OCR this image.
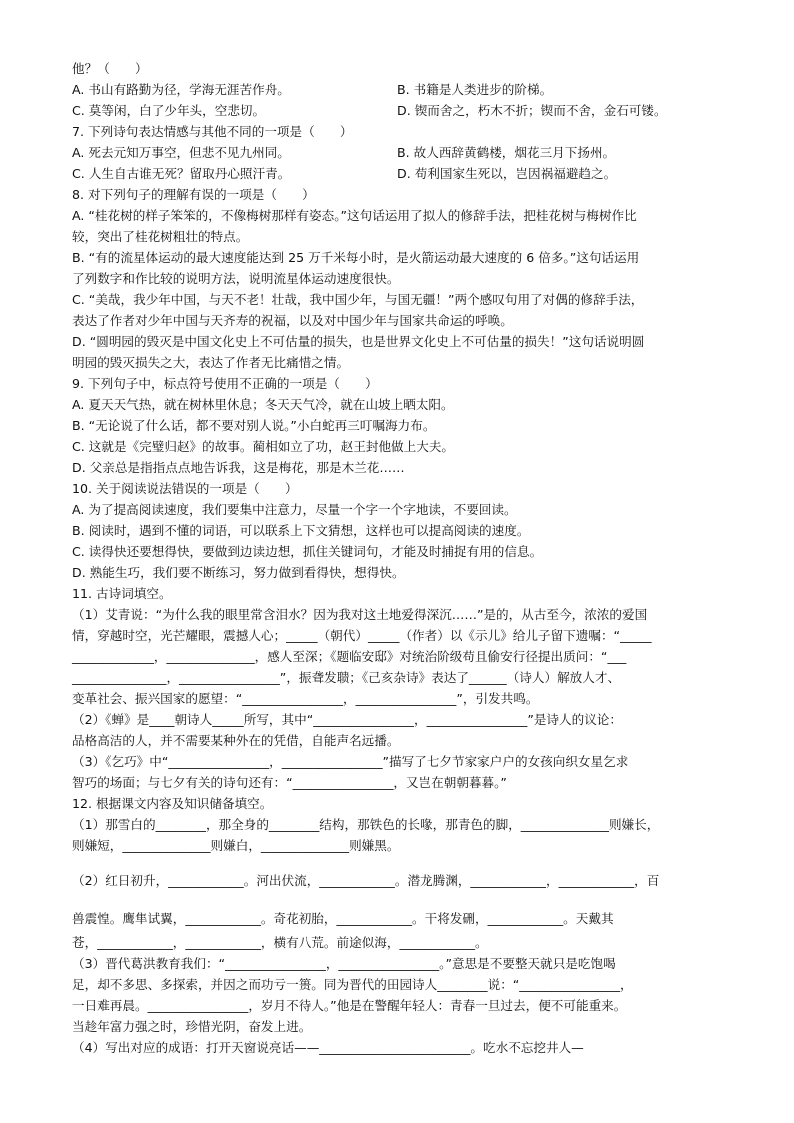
他？（　　）
A. 书山有路勤为径，学海无涯苦作舟。	B. 书籍是人类进步的阶梯。
C. 莫等闲，白了少年头，空悲切。	D. 锲而舍之，朽木不折；锲而不舍，金石可镂。
7. 下列诗句表达情感与其他不同的一项是（　　）
A. 死去元知万事空，但悲不见九州同。	B. 故人西辞黄鹤楼，烟花三月下扬州。
C. 人生自古谁无死？留取丹心照汗青。	D. 苟利国家生死以，岂因祸福避趋之。
8. 对下列句子的理解有误的一项是（　　）
A. “桂花树的样子笨笨的，不像梅树那样有姿态。”这句话运用了拟人的修辞手法，把桂花树与梅树作比
较，突出了桂花树粗壮的特点。
B. “有的流星体运动的最大速度能达到 25 万千米每小时，是火箭运动最大速度的 6 倍多。”这句话运用
了列数字和作比较的说明方法，说明流星体运动速度很快。
C. “美哉，我少年中国，与天不老！壮哉，我中国少年，与国无疆！”两个感叹句用了对偶的修辞手法，
表达了作者对少年中国与天齐寿的祝福，以及对中国少年与国家共命运的呼唤。
D. “圆明园的毁灭是中国文化史上不可估量的损失，也是世界文化史上不可估量的损失！”这句话说明圆
明园的毁灭损失之大，表达了作者无比痛惜之情。
9. 下列句子中，标点符号使用不正确的一项是（　　）
A. 夏天天气热，就在树林里休息；冬天天气冷，就在山坡上晒太阳。
B. “无论说了什么话，都不要对别人说。”小白蛇再三叮嘱海力布。
C. 这就是《完璧归赵》的故事。蔺相如立了功，赵王封他做上大夫。
D. 父亲总是指指点点地告诉我，这是梅花，那是木兰花……
10. 关于阅读说法错误的一项是（　　）
A. 为了提高阅读速度，我们要集中注意力，尽量一个字一个字地读，不要回读。
B. 阅读时，遇到不懂的词语，可以联系上下文猜想，这样也可以提高阅读的速度。
C. 读得快还要想得快，要做到边读边想，抓住关键词句，才能及时捕捉有用的信息。
D. 熟能生巧，我们要不断练习，努力做到看得快，想得快。
11. 古诗词填空。
（1）艾青说：“为什么我的眼里常含泪水？因为我对这土地爱得深沉……”是的，从古至今，浓浓的爱国
情，穿越时空，光芒耀眼，震撼人心；_____（朝代）_____（作者）以《示儿》给儿子留下遗嘱：“_____
_____________，______________，感人至深；《题临安邸》对统治阶级苟且偷安行径提出质问：“___
_______________，________________”，振聋发聩；《己亥杂诗》表达了______（诗人）解放人才、
变革社会、振兴国家的愿望：“________________，________________”，引发共鸣。
（2）《蝉》是____朝诗人_____所写，其中“________________，________________”是诗人的议论：
品格高洁的人，并不需要某种外在的凭借，自能声名远播。
（3）《乞巧》中“________________，________________”描写了七夕节家家户户的女孩向织女星乞求
智巧的场面；与七夕有关的诗句还有：“________________，又岂在朝朝暮暮。”
12. 根据课文内容及知识储备填空。
（1）那雪白的________，那全身的________结构，那铁色的长喙，那青色的脚，______________则嫌长，
则嫌短，______________则嫌白，______________则嫌黑。
（2）红日初升，____________。河出伏流，____________。潜龙腾渊，____________，____________，百
兽震惶。鹰隼试翼，____________。奇花初胎，____________。干将发硎，____________。天戴其
苍，____________，____________，横有八荒。前途似海，____________。
（3）晋代葛洪教育我们：“________________，________________。”意思是不要整天就只是吃饱喝
足，却不多思、多探索，并因之而功亏一篑。同为晋代的田园诗人________说：“________________，
一日难再晨。________________，岁月不待人。”他是在警醒年轻人：青春一旦过去，便不可能重来。
当趁年富力强之时，珍惜光阴，奋发上进。
（4）写出对应的成语：打开天窗说亮话——________________________。吃水不忘挖井人—
